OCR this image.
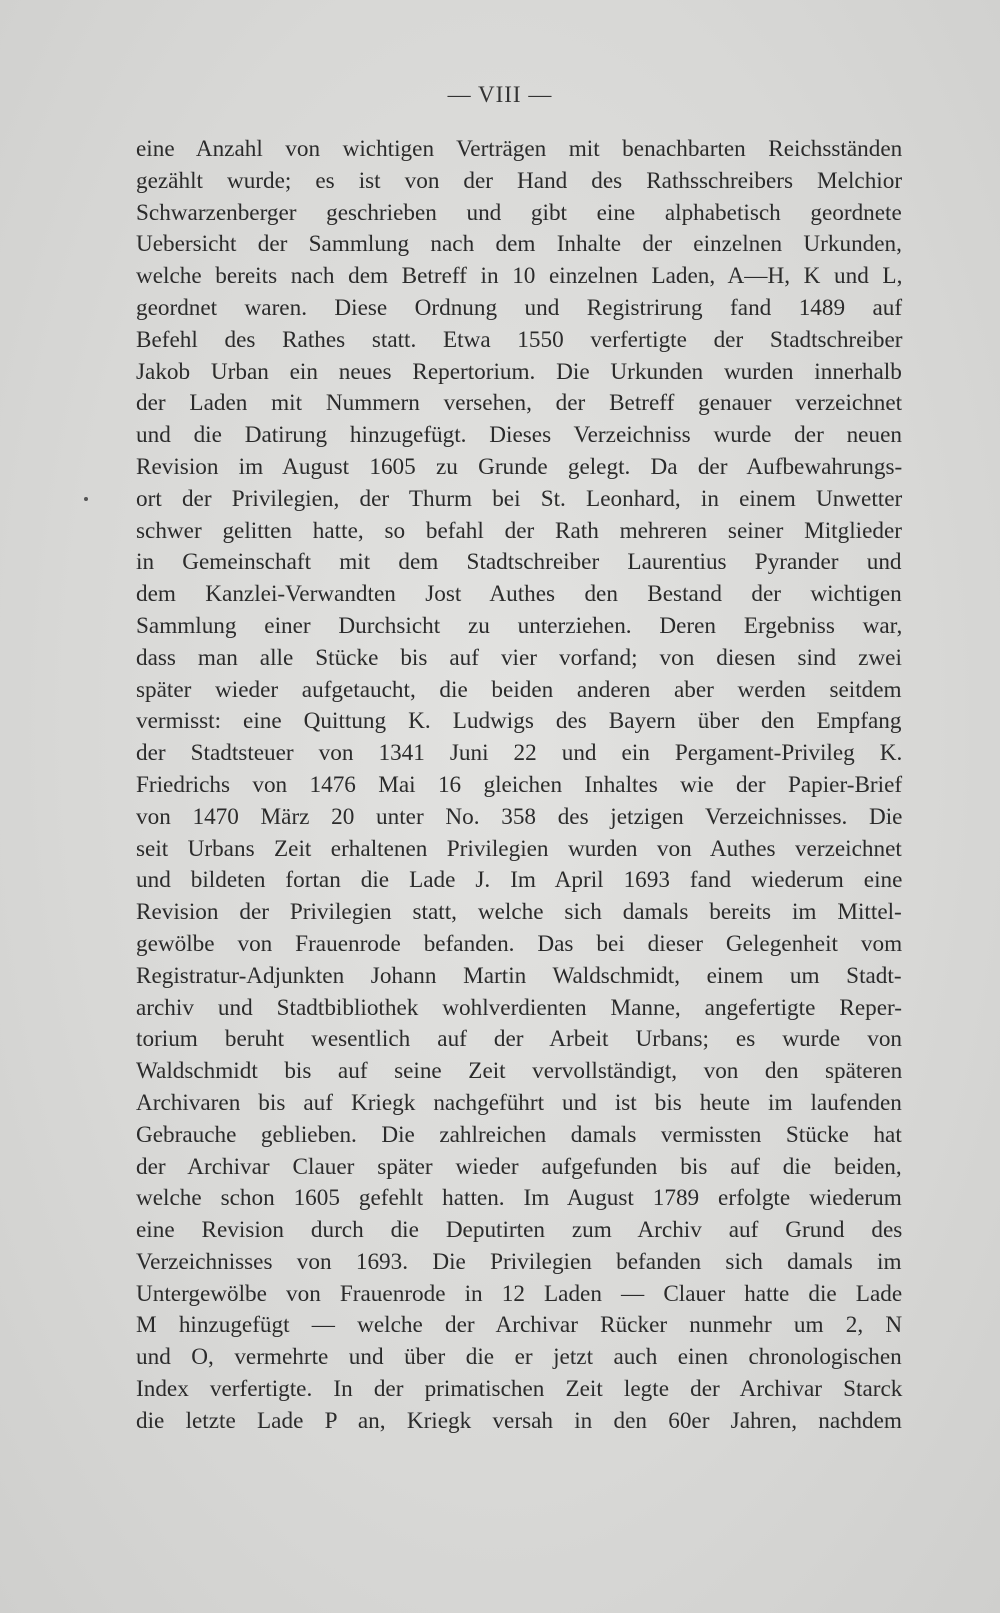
— VIII —
eine Anzahl von wichtigen Verträgen mit benachbarten Reichsständen
gezählt wurde; es ist von der Hand des Rathsschreibers Melchior
Schwarzenberger geschrieben und gibt eine alphabetisch geordnete
Uebersicht der Sammlung nach dem Inhalte der einzelnen Urkunden,
welche bereits nach dem Betreff in 10 einzelnen Laden, A—H, K und L,
geordnet waren. Diese Ordnung und Registrirung fand 1489 auf
Befehl des Rathes statt. Etwa 1550 verfertigte der Stadtschreiber
Jakob Urban ein neues Repertorium. Die Urkunden wurden innerhalb
der Laden mit Nummern versehen, der Betreff genauer verzeichnet
und die Datirung hinzugefügt. Dieses Verzeichniss wurde der neuen
Revision im August 1605 zu Grunde gelegt. Da der Aufbewahrungs-
ort der Privilegien, der Thurm bei St. Leonhard, in einem Unwetter
schwer gelitten hatte, so befahl der Rath mehreren seiner Mitglieder
in Gemeinschaft mit dem Stadtschreiber Laurentius Pyrander und
dem Kanzlei-Verwandten Jost Authes den Bestand der wichtigen
Sammlung einer Durchsicht zu unterziehen. Deren Ergebniss war,
dass man alle Stücke bis auf vier vorfand; von diesen sind zwei
später wieder aufgetaucht, die beiden anderen aber werden seitdem
vermisst: eine Quittung K. Ludwigs des Bayern über den Empfang
der Stadtsteuer von 1341 Juni 22 und ein Pergament-Privileg K.
Friedrichs von 1476 Mai 16 gleichen Inhaltes wie der Papier-Brief
von 1470 März 20 unter No. 358 des jetzigen Verzeichnisses. Die
seit Urbans Zeit erhaltenen Privilegien wurden von Authes verzeichnet
und bildeten fortan die Lade J. Im April 1693 fand wiederum eine
Revision der Privilegien statt, welche sich damals bereits im Mittel-
gewölbe von Frauenrode befanden. Das bei dieser Gelegenheit vom
Registratur-Adjunkten Johann Martin Waldschmidt, einem um Stadt-
archiv und Stadtbibliothek wohlverdienten Manne, angefertigte Reper-
torium beruht wesentlich auf der Arbeit Urbans; es wurde von
Waldschmidt bis auf seine Zeit vervollständigt, von den späteren
Archivaren bis auf Kriegk nachgeführt und ist bis heute im laufenden
Gebrauche geblieben. Die zahlreichen damals vermissten Stücke hat
der Archivar Clauer später wieder aufgefunden bis auf die beiden,
welche schon 1605 gefehlt hatten. Im August 1789 erfolgte wiederum
eine Revision durch die Deputirten zum Archiv auf Grund des
Verzeichnisses von 1693. Die Privilegien befanden sich damals im
Untergewölbe von Frauenrode in 12 Laden — Clauer hatte die Lade
M hinzugefügt — welche der Archivar Rücker nunmehr um 2, N
und O, vermehrte und über die er jetzt auch einen chronologischen
Index verfertigte. In der primatischen Zeit legte der Archivar Starck
die letzte Lade P an, Kriegk versah in den 60er Jahren, nachdem
